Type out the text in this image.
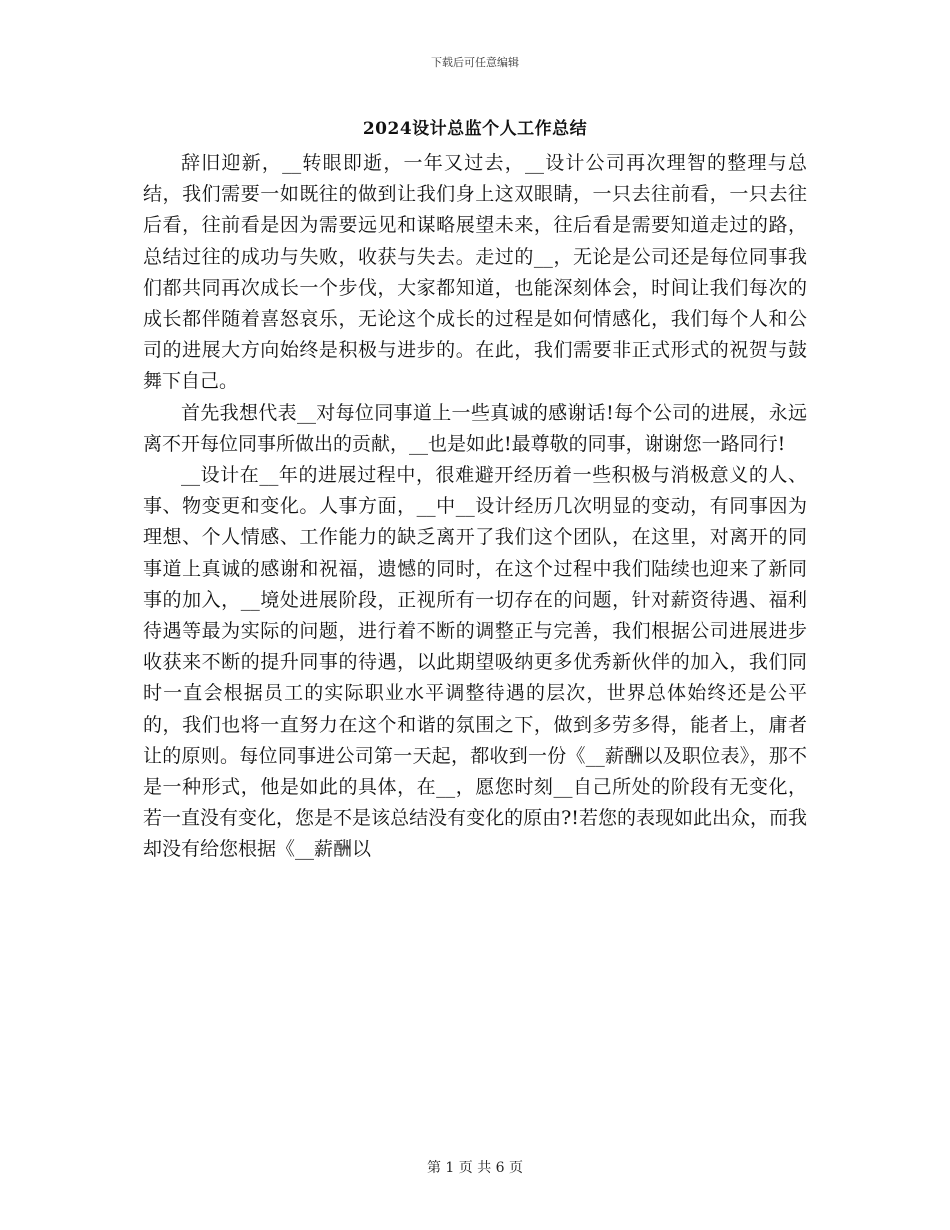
下载后可任意编辑
2024设计总监个人工作总结

辞旧迎新，__转眼即逝，一年又过去，__设计公司再次理智的整理与总结，我们需要一如既往的做到让我们身上这双眼睛，一只去往前看，一只去往后看，往前看是因为需要远见和谋略展望未来，往后看是需要知道走过的路，总结过往的成功与失败，收获与失去。走过的__，无论是公司还是每位同事我们都共同再次成长一个步伐，大家都知道，也能深刻体会，时间让我们每次的成长都伴随着喜怒哀乐，无论这个成长的过程是如何情感化，我们每个人和公司的进展大方向始终是积极与进步的。在此，我们需要非正式形式的祝贺与鼓舞下自己。

首先我想代表__对每位同事道上一些真诚的感谢话!每个公司的进展，永远离不开每位同事所做出的贡献，__也是如此!最尊敬的同事，谢谢您一路同行!

__设计在__年的进展过程中，很难避开经历着一些积极与消极意义的人、事、物变更和变化。人事方面，__中__设计经历几次明显的变动，有同事因为理想、个人情感、工作能力的缺乏离开了我们这个团队，在这里，对离开的同事道上真诚的感谢和祝福，遗憾的同时，在这个过程中我们陆续也迎来了新同事的加入，__境处进展阶段，正视所有一切存在的问题，针对薪资待遇、福利待遇等最为实际的问题，进行着不断的调整正与完善，我们根据公司进展进步收获来不断的提升同事的待遇，以此期望吸纳更多优秀新伙伴的加入，我们同时一直会根据员工的实际职业水平调整待遇的层次，世界总体始终还是公平的，我们也将一直努力在这个和谐的氛围之下，做到多劳多得，能者上，庸者让的原则。每位同事进公司第一天起，都收到一份《__薪酬以及职位表》，那不是一种形式，他是如此的具体，在__，愿您时刻__自己所处的阶段有无变化，若一直没有变化，您是不是该总结没有变化的原由?!若您的表现如此出众，而我却没有给您根据《__薪酬以

第 1 页 共 6 页
